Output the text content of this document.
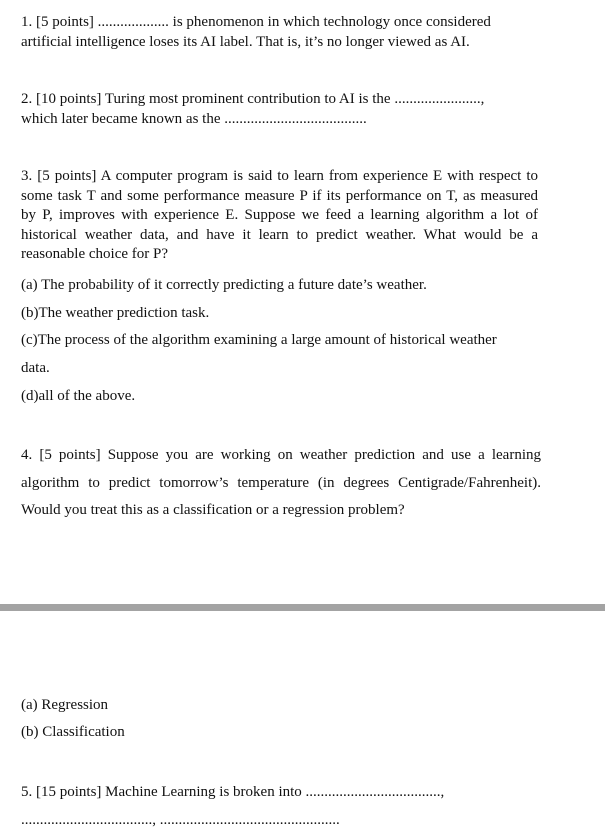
1. [5 points] ................... is phenomenon in which technology once considered

artificial intelligence loses its AI label. That is, it’s no longer viewed as AI.

2. [10 points] Turing most prominent contribution to AI is the .......................,

which later became known as the ......................................

3. [5 points] A computer program is said to learn from experience E with respect to some task T and some performance measure P if its performance on T, as measured by P, improves with experience E. Suppose we feed a learning algorithm a lot of historical weather data, and have it learn to predict weather. What would be a reasonable choice for P?

(a) The probability of it correctly predicting a future date’s weather.

(b)The weather prediction task.

(c)The process of the algorithm examining a large amount of historical weather

data.

(d)all of the above.

4. [5 points] Suppose you are working on weather prediction and use a learning algorithm to predict tomorrow’s temperature (in degrees Centigrade/Fahrenheit). Would you treat this as a classification or a regression problem?

(a) Regression

(b) Classification

5. [15 points] Machine Learning is broken into ....................................,

..................................., ................................................
